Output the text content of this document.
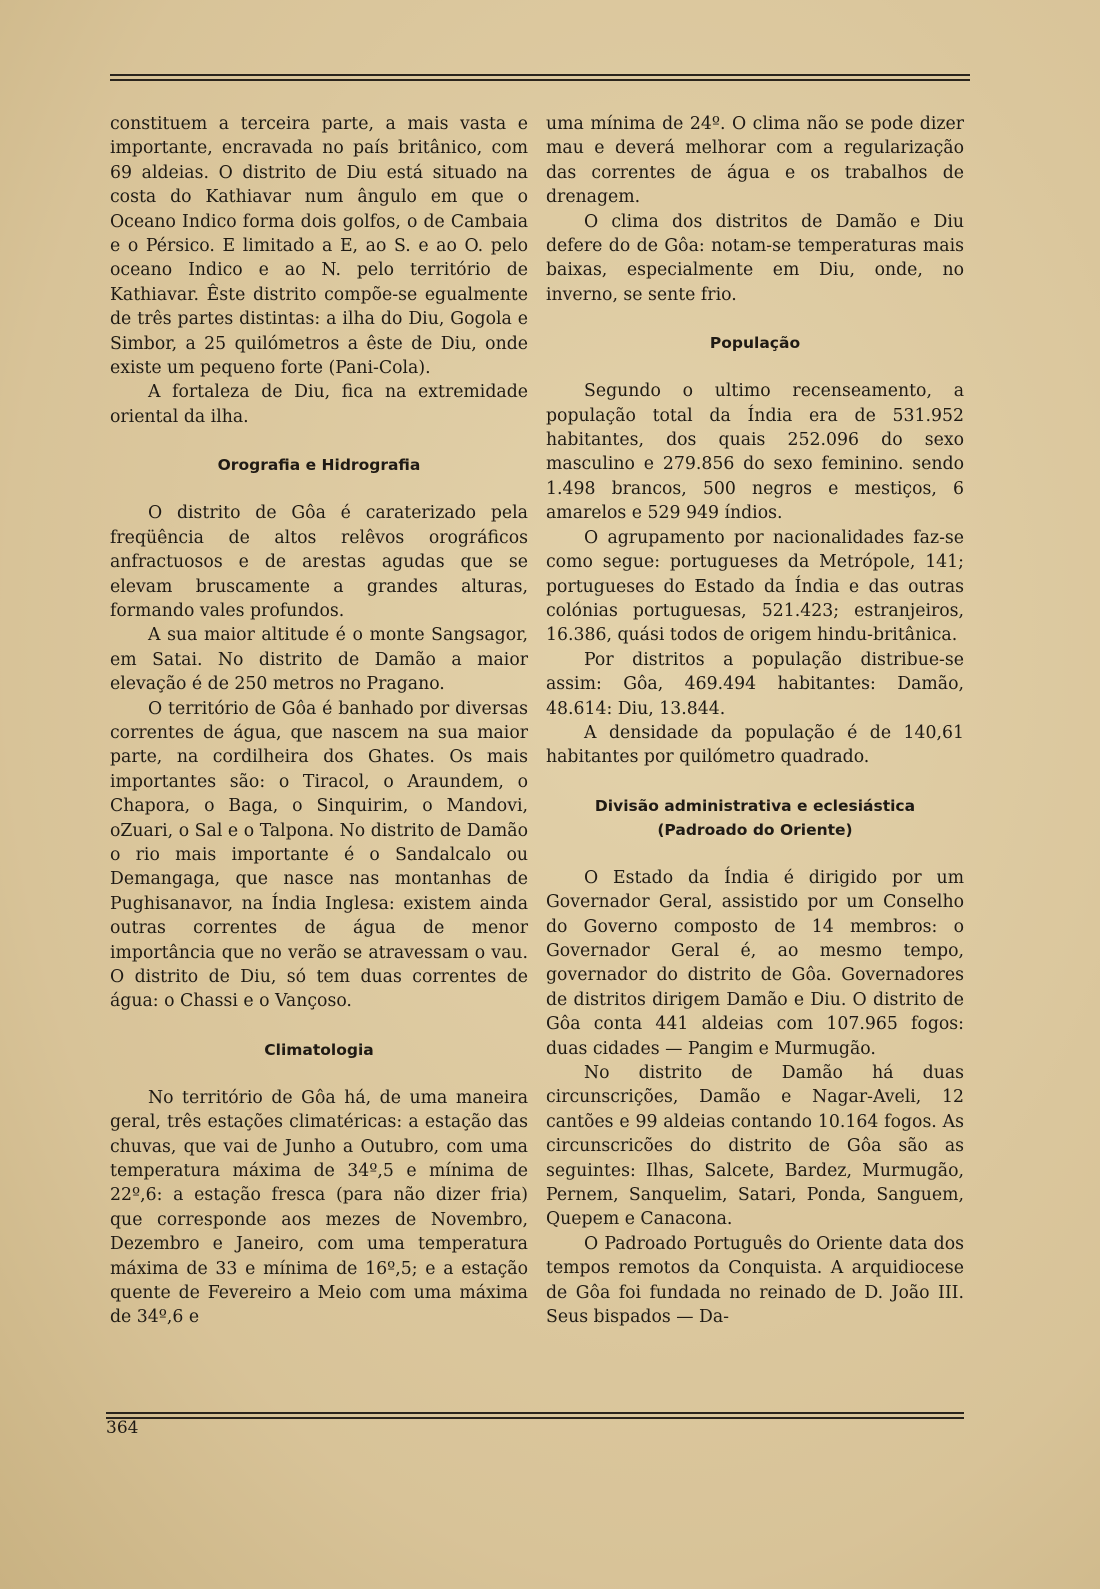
constituem a terceira parte, a mais vasta e importante, encravada no país britânico, com 69 aldeias. O distrito de Diu está situado na costa do Kathiavar num ângulo em que o Oceano Indico forma dois golfos, o de Cambaia e o Pérsico. E limitado a E, ao S. e ao O. pelo oceano Indico e ao N. pelo território de Kathiavar. Êste distrito compõe-se egualmente de três partes distintas: a ilha do Diu, Gogola e Simbor, a 25 quilómetros a êste de Diu, onde existe um pequeno forte (Pani-Cola).

A fortaleza de Diu, fica na extremidade oriental da ilha.

Orografia e Hidrografia

O distrito de Gôa é caraterizado pela freqüência de altos relêvos orográficos anfractuosos e de arestas agudas que se elevam bruscamente a grandes alturas, formando vales profundos.

A sua maior altitude é o monte Sangsagor, em Satai. No distrito de Damão a maior elevação é de 250 metros no Pragano.

O território de Gôa é banhado por diversas correntes de água, que nascem na sua maior parte, na cordilheira dos Ghates. Os mais importantes são: o Tiracol, o Araundem, o Chapora, o Baga, o Sinquirim, o Mandovi, oZuari, o Sal e o Talpona. No distrito de Damão o rio mais importante é o Sandalcalo ou Demangaga, que nasce nas montanhas de Pughisanavor, na Índia Inglesa: existem ainda outras correntes de água de menor importância que no verão se atravessam o vau. O distrito de Diu, só tem duas correntes de água: o Chassi e o Vançoso.

Climatologia

No território de Gôa há, de uma maneira geral, três estações climatéricas: a estação das chuvas, que vai de Junho a Outubro, com uma temperatura máxima de 34º,5 e mínima de 22º,6: a estação fresca (para não dizer fria) que corresponde aos mezes de Novembro, Dezembro e Janeiro, com uma temperatura máxima de 33 e mínima de 16º,5; e a estação quente de Fevereiro a Meio com uma máxima de 34º,6 e

uma mínima de 24º. O clima não se pode dizer mau e deverá melhorar com a regularização das correntes de água e os trabalhos de drenagem.

O clima dos distritos de Damão e Diu defere do de Gôa: notam-se temperaturas mais baixas, especialmente em Diu, onde, no inverno, se sente frio.

População

Segundo o ultimo recenseamento, a população total da Índia era de 531.952 habitantes, dos quais 252.096 do sexo masculino e 279.856 do sexo feminino. sendo 1.498 brancos, 500 negros e mestiços, 6 amarelos e 529 949 índios.

O agrupamento por nacionalidades faz-se como segue: portugueses da Metrópole, 141; portugueses do Estado da Índia e das outras colónias portuguesas, 521.423; estranjeiros, 16.386, quási todos de origem hindu-britânica.

Por distritos a população distribue-se assim: Gôa, 469.494 habitantes: Damão, 48.614: Diu, 13.844.

A densidade da população é de 140,61 habitantes por quilómetro quadrado.

Divisão administrativa e eclesiástica
(Padroado do Oriente)

O Estado da Índia é dirigido por um Governador Geral, assistido por um Conselho do Governo composto de 14 membros: o Governador Geral é, ao mesmo tempo, governador do distrito de Gôa. Governadores de distritos dirigem Damão e Diu. O distrito de Gôa conta 441 aldeias com 107.965 fogos: duas cidades — Pangim e Murmugão.

No distrito de Damão há duas circunscrições, Damão e Nagar-Aveli, 12 cantões e 99 aldeias contando 10.164 fogos. As circunscricões do distrito de Gôa são as seguintes: Ilhas, Salcete, Bardez, Murmugão, Pernem, Sanquelim, Satari, Ponda, Sanguem, Quepem e Canacona.

O Padroado Português do Oriente data dos tempos remotos da Conquista. A arquidiocese de Gôa foi fundada no reinado de D. João III. Seus bispados — Da-

364
